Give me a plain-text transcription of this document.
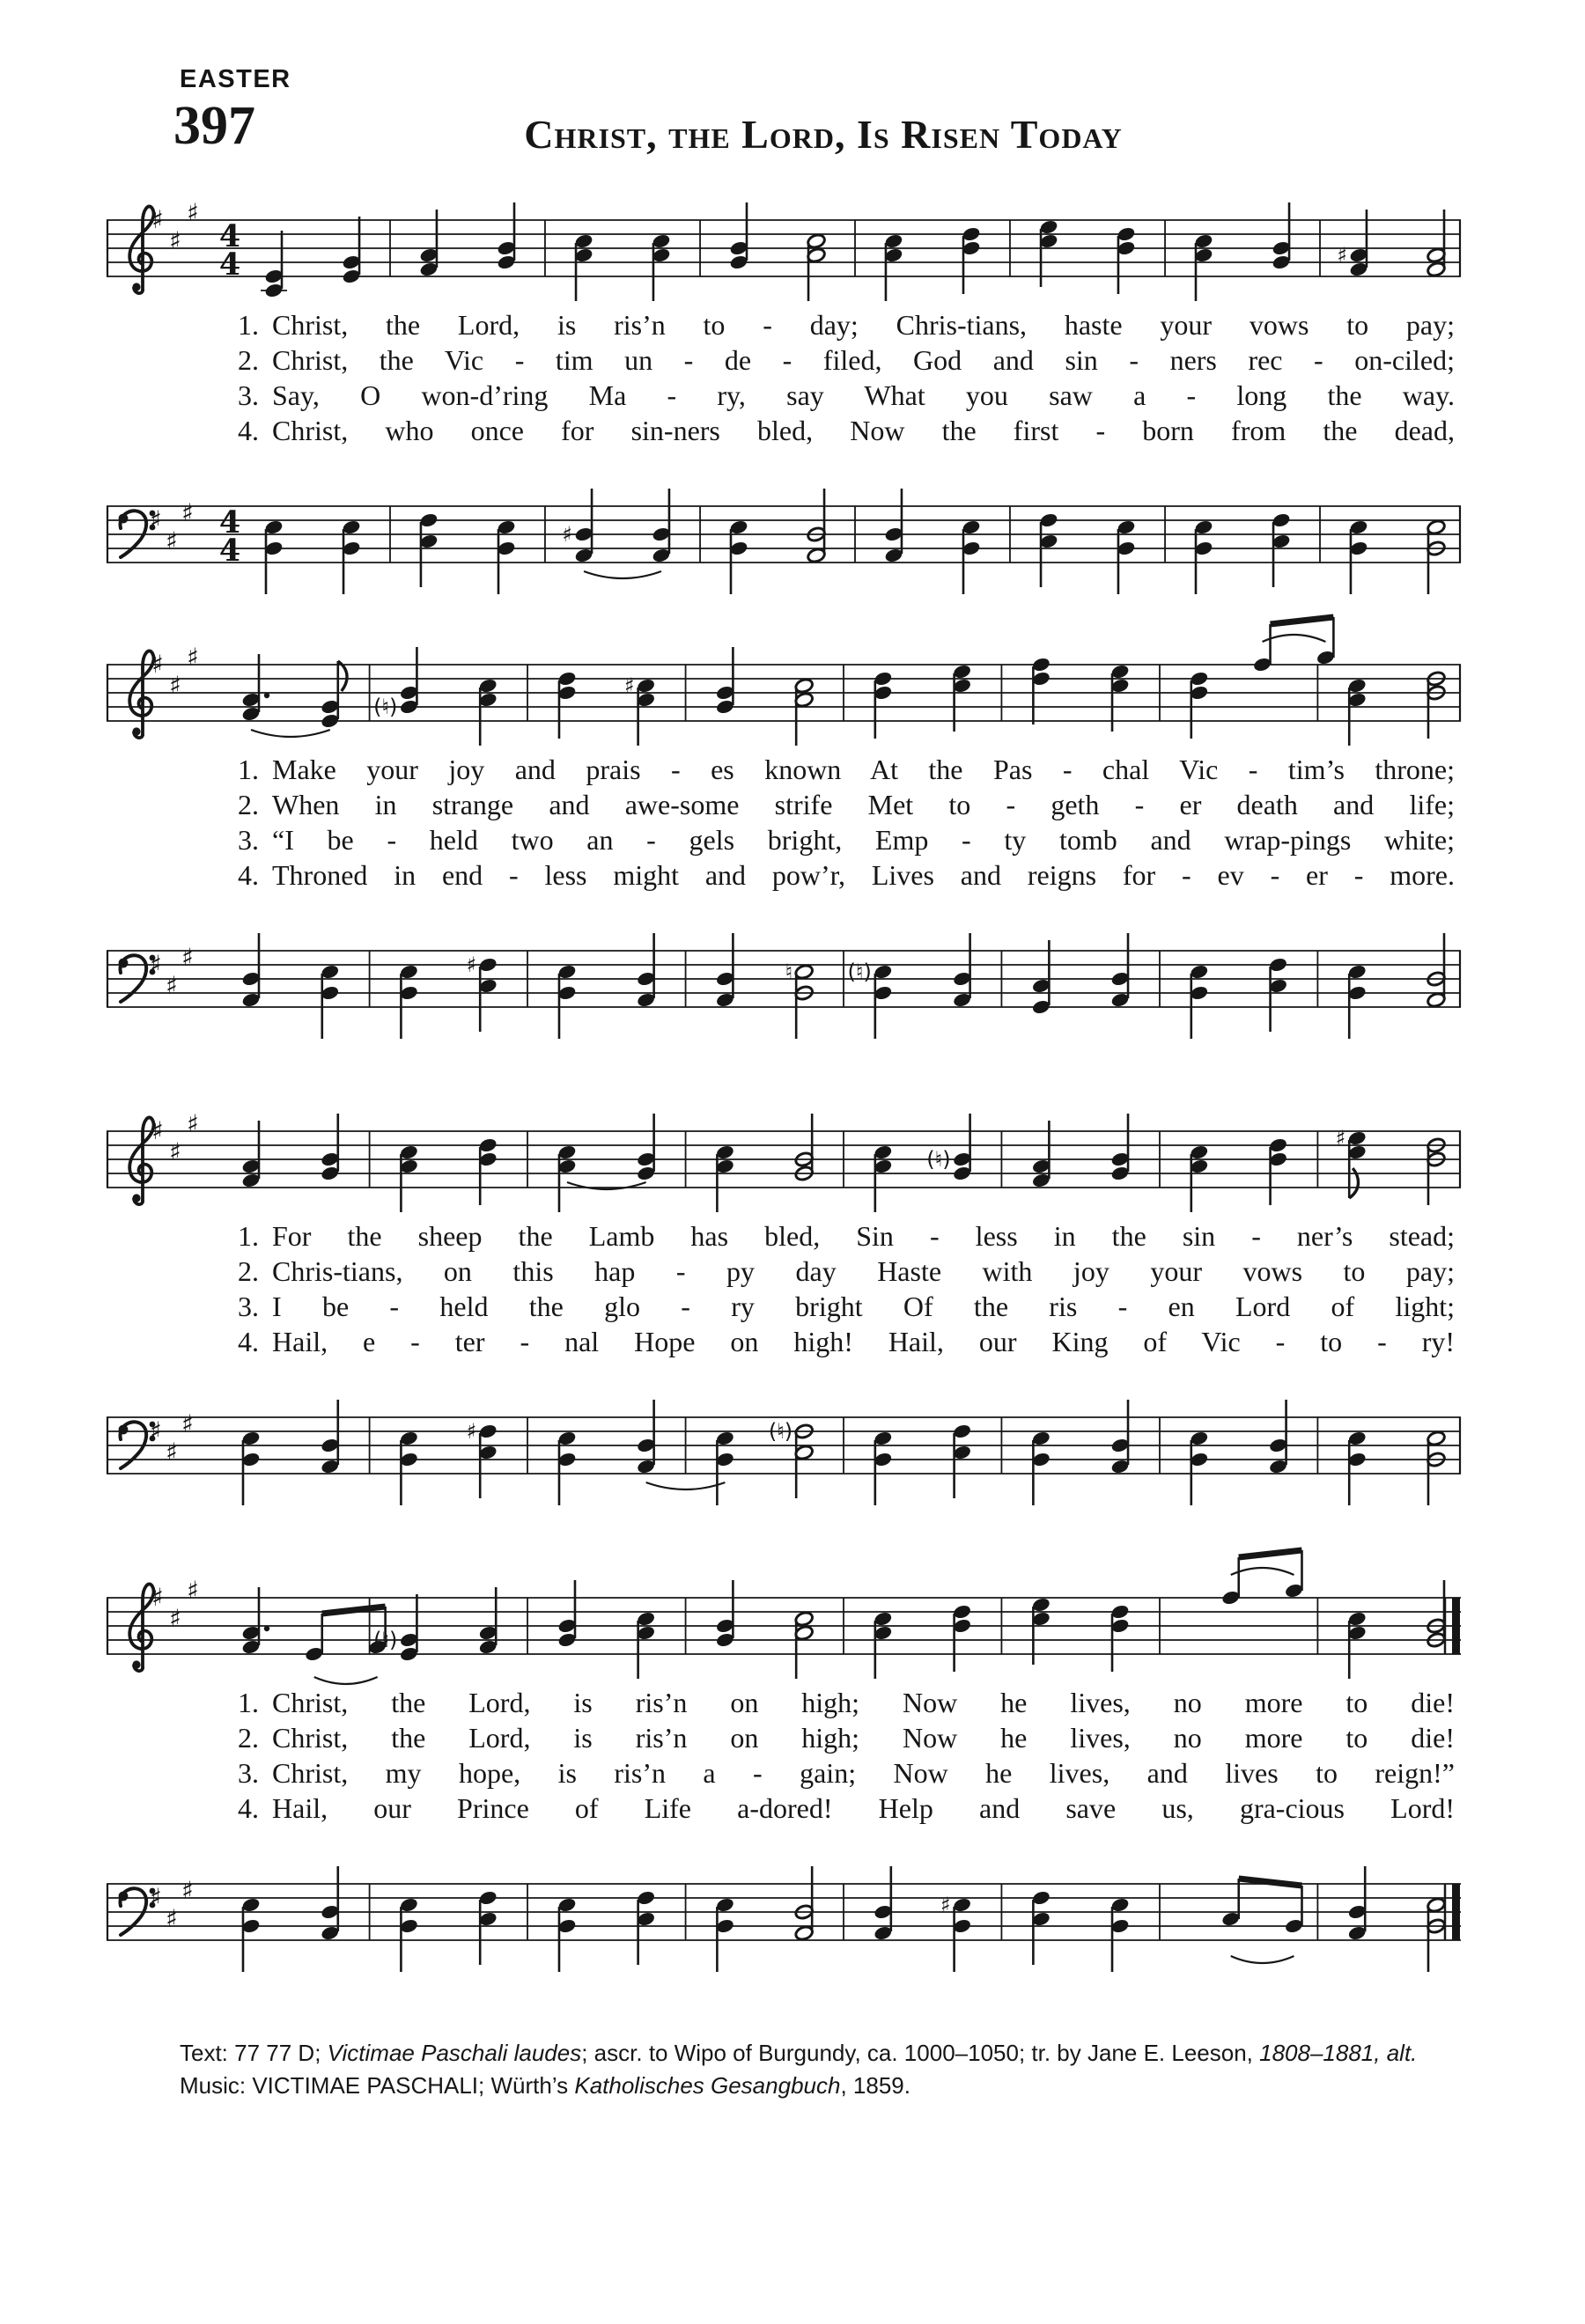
EASTER
397	Christ, the Lord, Is Risen Today
♯
♯
♯
4
4	♯
1. Christ, the Lord, is ris’n to - day; Chris-tians, haste your vows to pay;
2. Christ, the Vic - tim un - de - filed, God and sin - ners rec - on-ciled;
3. Say, O won-d’ring Ma - ry, say What you saw a - long the way.
4. Christ, who once for sin-ners bled, Now the first - born from the dead,
♯
♯
♯ 4
4	♯
♯
♯
♯
(♮)
♯
1. Make your joy and prais - es known At the Pas - chal Vic - tim’s throne;
2. When in strange and awe-some strife Met to - geth - er death and life;
3. “I be - held two an - gels bright, Emp - ty tomb and wrap-pings white;
4. Throned in end - less might and pow’r, Lives and reigns for - ev - er - more.
♯
♯
♯	♯	♮	(♮)
♯
♯
♯
(♮)
♯
1. For the sheep the Lamb has bled, Sin - less in the sin - ner’s stead;
2. Chris-tians, on this hap - py day Haste with joy your vows to pay;
3. I be - held the glo - ry bright Of the ris - en Lord of light;
4. Hail, e - ter - nal Hope on high! Hail, our King of Vic - to - ry!
♯
♯
♯	♯	(♮)
♯
♯
♯
(♮)
1. Christ, the Lord, is ris’n on high; Now he lives, no more to die!
2. Christ, the Lord, is ris’n on high; Now he lives, no more to die!
3. Christ, my hope, is ris’n a - gain; Now he lives, and lives to reign!”
4. Hail, our Prince of Life a-dored! Help and save us, gra-cious Lord!
♯
♯
♯	♯
Text: 77 77 D; Victimae Paschali laudes; ascr. to Wipo of Burgundy, ca. 1000–1050; tr. by Jane E. Leeson, 1808–1881, alt.
Music: VICTIMAE PASCHALI; Würth’s Katholisches Gesangbuch, 1859.
